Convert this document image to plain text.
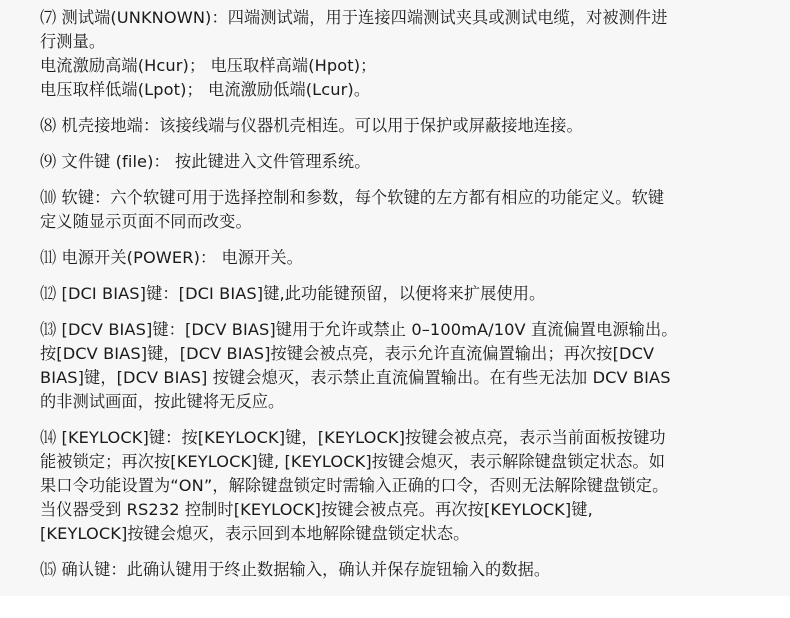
⑺ 测试端(UNKNOWN)：四端测试端，用于连接四端测试夹具或测试电缆，对被测件进
行测量。
电流激励高端(Hcur)； 电压取样高端(Hpot)；
电压取样低端(Lpot)； 电流激励低端(Lcur)。

⑻ 机壳接地端：该接线端与仪器机壳相连。可以用于保护或屏蔽接地连接。

⑼ 文件键 (file)： 按此键进入文件管理系统。

⑽ 软键：六个软键可用于选择控制和参数，每个软键的左方都有相应的功能定义。软键
定义随显示页面不同而改变。

⑾ 电源开关(POWER)： 电源开关。

⑿ [DCI BIAS]键：[DCI BIAS]键,此功能键预留，以便将来扩展使用。

⒀ [DCV BIAS]键：[DCV BIAS]键用于允许或禁止 0–100mA/10V 直流偏置电源输出。
按[DCV BIAS]键，[DCV BIAS]按键会被点亮，表示允许直流偏置输出；再次按[DCV
BIAS]键，[DCV BIAS] 按键会熄灭，表示禁止直流偏置输出。在有些无法加 DCV BIAS
的非测试画面，按此键将无反应。

⒁ [KEYLOCK]键：按[KEYLOCK]键，[KEYLOCK]按键会被点亮，表示当前面板按键功
能被锁定；再次按[KEYLOCK]键, [KEYLOCK]按键会熄灭，表示解除键盘锁定状态。如
果口令功能设置为“ON”，解除键盘锁定时需输入正确的口令，否则无法解除键盘锁定。
当仪器受到 RS232 控制时[KEYLOCK]按键会被点亮。再次按[KEYLOCK]键,
[KEYLOCK]按键会熄灭，表示回到本地解除键盘锁定状态。

⒂ 确认键：此确认键用于终止数据输入，确认并保存旋钮输入的数据。
